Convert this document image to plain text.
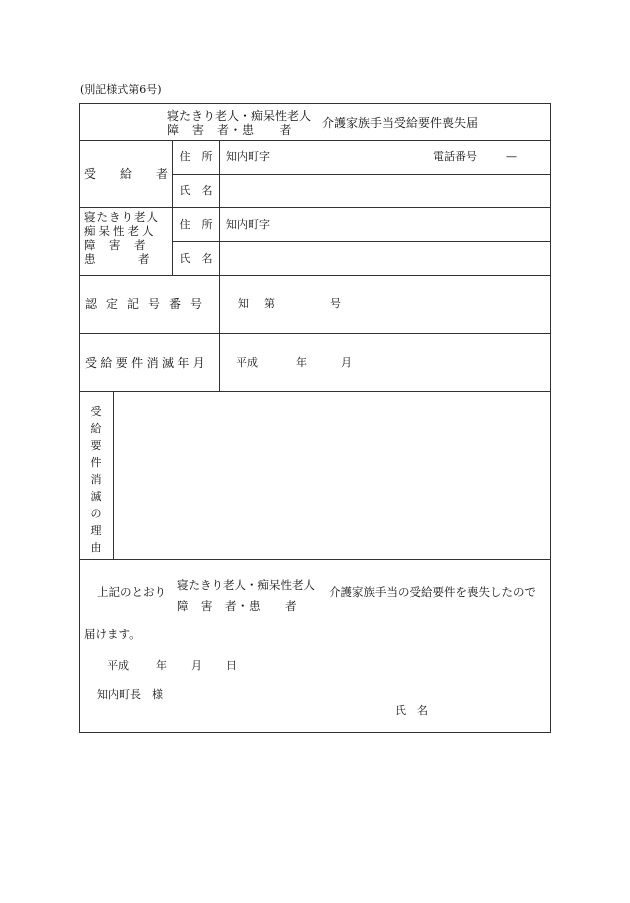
(別記様式第6号)
寝たきり老人・痴呆性老人
障　害　者・患　　者 介護家族手当受給要件喪失届
受　　給　　者
住　所	知内町字	電話番号	—
氏　名
寝たきり老人
痴呆性老人
障　害　者
患　　　者
住　所	知内町字
氏　名
認定記号番号 知　第	号
受給要件消滅年月	平成	年	月
受
給
要
件
消
滅
の
理
由
上記のとおり 寝たきり老人・痴呆性老人
障　害　者・患　　者
介護家族手当の受給要件を喪失したので
届けます。
平成 年 月 日
知内町長　様
氏　名
